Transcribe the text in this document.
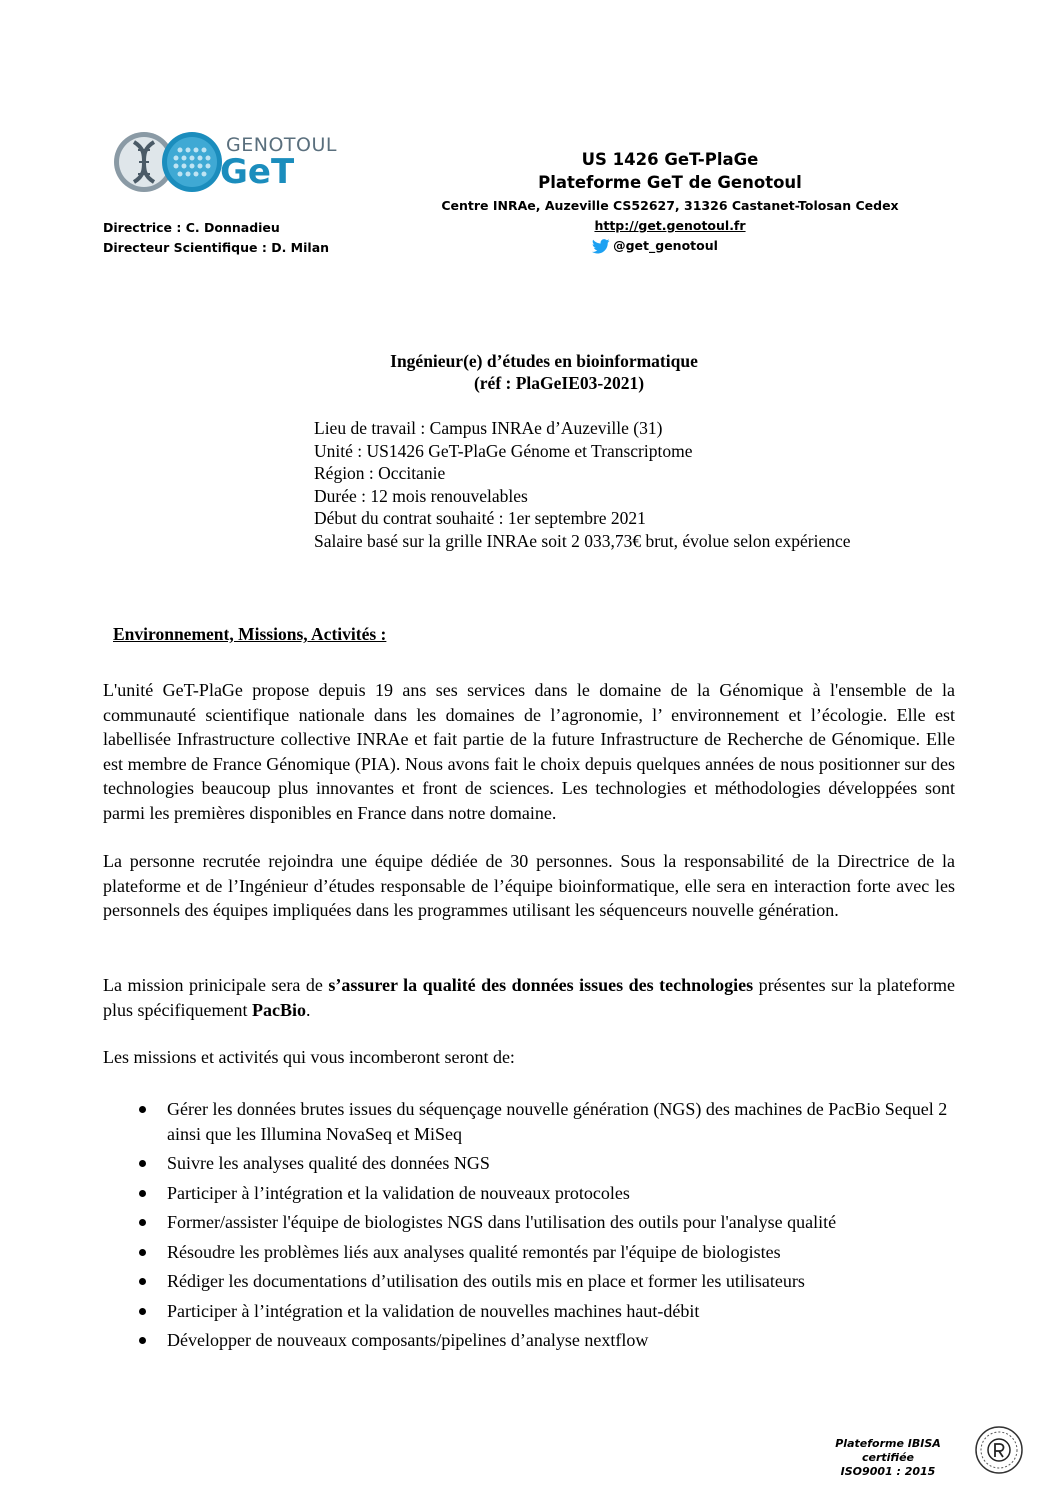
GENOTOUL
GeT
Directrice : C. Donnadieu
Directeur Scientifique : D. Milan
US 1426 GeT-PlaGe
Plateforme GeT de Genotoul
Centre INRAe, Auzeville CS52627, 31326 Castanet-Tolosan Cedex
http://get.genotoul.fr
@get_genotoul
Ingénieur(e) d’études en bioinformatique
(réf : PlaGeIE03-2021)
Lieu de travail : Campus INRAe d’Auzeville (31)
Unité : US1426 GeT-PlaGe Génome et Transcriptome
Région : Occitanie
Durée : 12 mois renouvelables
Début du contrat souhaité : 1er septembre 2021
Salaire basé sur la grille INRAe soit 2 033,73€ brut, évolue selon expérience
Environnement, Missions, Activités :
L'unité GeT-PlaGe propose depuis 19 ans ses services dans le domaine de la Génomique à l'ensemble de la communauté scientifique nationale dans les domaines de l’agronomie, l’ environnement et l’écologie. Elle est labellisée Infrastructure collective INRAe et fait partie de la future Infrastructure de Recherche de Génomique. Elle est membre de France Génomique (PIA). Nous avons fait le choix depuis quelques années de nous positionner sur des technologies beaucoup plus innovantes et front de sciences. Les technologies et méthodologies développées sont parmi les premières disponibles en France dans notre domaine.
La personne recrutée rejoindra une équipe dédiée de 30 personnes. Sous la responsabilité de la Directrice de la plateforme et de l’Ingénieur d’études responsable de l’équipe bioinformatique, elle sera en interaction forte avec les personnels des équipes impliquées dans les programmes utilisant les séquenceurs nouvelle génération.
La mission prinicipale sera de s’assurer la qualité des données issues des technologies présentes sur la plateforme plus spécifiquement PacBio.
Les missions et activités qui vous incomberont seront de:
Gérer les données brutes issues du séquençage nouvelle génération (NGS) des machines de PacBio Sequel 2 ainsi que les Illumina NovaSeq et MiSeq
Suivre les analyses qualité des données NGS
Participer à l’intégration et la validation de nouveaux protocoles
Former/assister l'équipe de biologistes NGS dans l'utilisation des outils pour l'analyse qualité
Résoudre les problèmes liés aux analyses qualité remontés par l'équipe de biologistes
Rédiger les documentations d’utilisation des outils mis en place et former les utilisateurs
Participer à l’intégration et la validation de nouvelles machines haut-débit
Développer de nouveaux composants/pipelines d’analyse nextflow
Plateforme IBISA certifiée
ISO9001 : 2015
